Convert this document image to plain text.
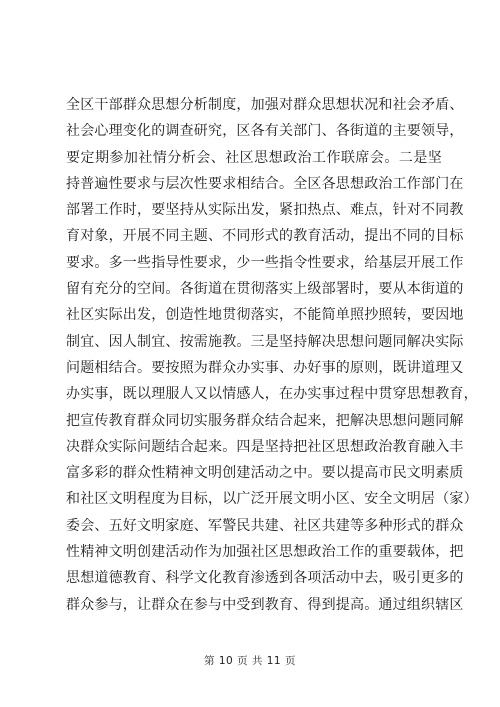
全区干部群众思想分析制度，加强对群众思想状况和社会矛盾、
社会心理变化的调查研究，区各有关部门、各街道的主要领导，
要定期参加社情分析会、社区思想政治工作联席会。二是坚
持普遍性要求与层次性要求相结合。全区各思想政治工作部门在
部署工作时，要坚持从实际出发，紧扣热点、难点，针对不同教
育对象，开展不同主题、不同形式的教育活动，提出不同的目标
要求。多一些指导性要求，少一些指令性要求，给基层开展工作
留有充分的空间。各街道在贯彻落实上级部署时，要从本街道的
社区实际出发，创造性地贯彻落实，不能简单照抄照转，要因地
制宜、因人制宜、按需施教。三是坚持解决思想问题同解决实际
问题相结合。要按照为群众办实事、办好事的原则，既讲道理又
办实事，既以理服人又以情感人，在办实事过程中贯穿思想教育，
把宣传教育群众同切实服务群众结合起来，把解决思想问题同解
决群众实际问题结合起来。四是坚持把社区思想政治教育融入丰
富多彩的群众性精神文明创建活动之中。要以提高市民文明素质
和社区文明程度为目标，以广泛开展文明小区、安全文明居（家）
委会、五好文明家庭、军警民共建、社区共建等多种形式的群众
性精神文明创建活动作为加强社区思想政治工作的重要载体，把
思想道德教育、科学文化教育渗透到各项活动中去，吸引更多的
群众参与，让群众在参与中受到教育、得到提高。通过组织辖区
第 10 页 共 11 页
